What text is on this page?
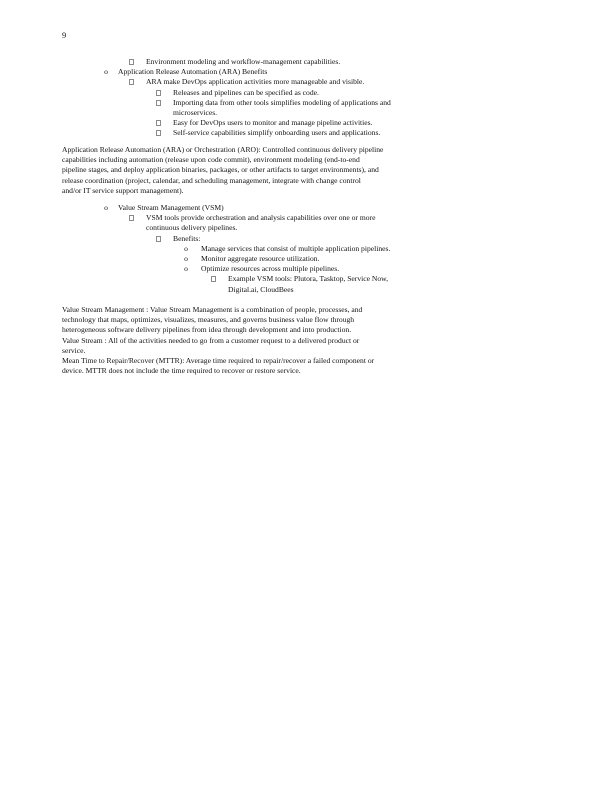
9
Environment modeling and workflow-management capabilities.
o	Application Release Automation (ARA) Benefits
ARA make DevOps application activities more manageable and visible.
Releases and pipelines can be specified as code.
Importing data from other tools simplifies modeling of applications and
microservices.
Easy for DevOps users to monitor and manage pipeline activities.
Self-service capabilities simplify onboarding users and applications.
Application Release Automation (ARA) or Orchestration (ARO): Controlled continuous delivery pipeline
capabilities including automation (release upon code commit), environment modeling (end-to-end
pipeline stages, and deploy application binaries, packages, or other artifacts to target environments), and
release coordination (project, calendar, and scheduling management, integrate with change control
and/or IT service support management).
o	Value Stream Management (VSM)
VSM tools provide orchestration and analysis capabilities over one or more
continuous delivery pipelines.
Benefits:
o	Manage services that consist of multiple application pipelines.
o	Monitor aggregate resource utilization.
o	Optimize resources across multiple pipelines.
Example VSM tools: Plutora, Tasktop, Service Now,
Digital.ai, CloudBees
Value Stream Management : Value Stream Management is a combination of people, processes, and
technology that maps, optimizes, visualizes, measures, and governs business value flow through
heterogeneous software delivery pipelines from idea through development and into production.
Value Stream : All of the activities needed to go from a customer request to a delivered product or
service.
Mean Time to Repair/Recover (MTTR): Average time required to repair/recover a failed component or
device. MTTR does not include the time required to recover or restore service.
